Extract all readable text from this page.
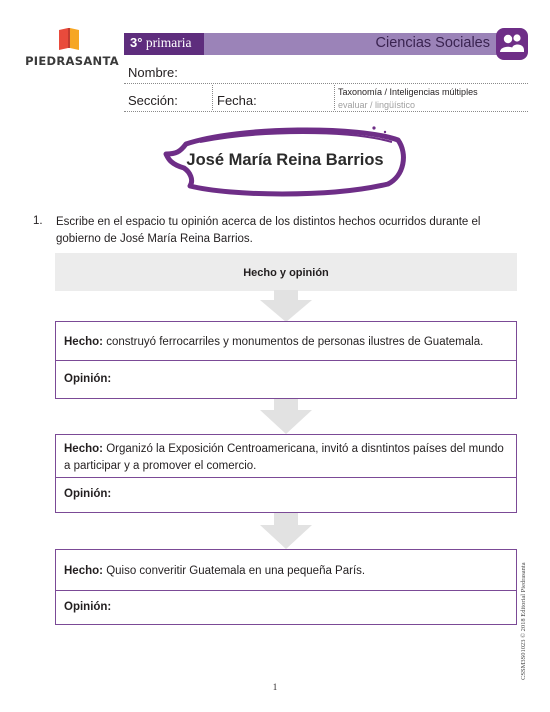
PIEDRASANTA
3° primaria	Ciencias Sociales
Nombre:
Sección:	Fecha:
Taxonomía / Inteligencias múltiples
evaluar / lingüístico
José María Reina Barrios
1. Escribe en el espacio tu opinión acerca de los distintos hechos ocurridos durante el gobierno de José María Reina Barrios.
Hecho y opinión
Hecho: construyó ferrocarriles y monumentos de personas ilustres de Guatemala.
Opinión:
Hecho: Organizó la Exposición Centroamericana, invitó a disntintos países del mundo a participar y a promover el comercio.
Opinión:
Hecho: Quiso converitir Guatemala en una pequeña París.
Opinión:	CSSM3S01023 © 2018 Editorial Piedrasanta
1
